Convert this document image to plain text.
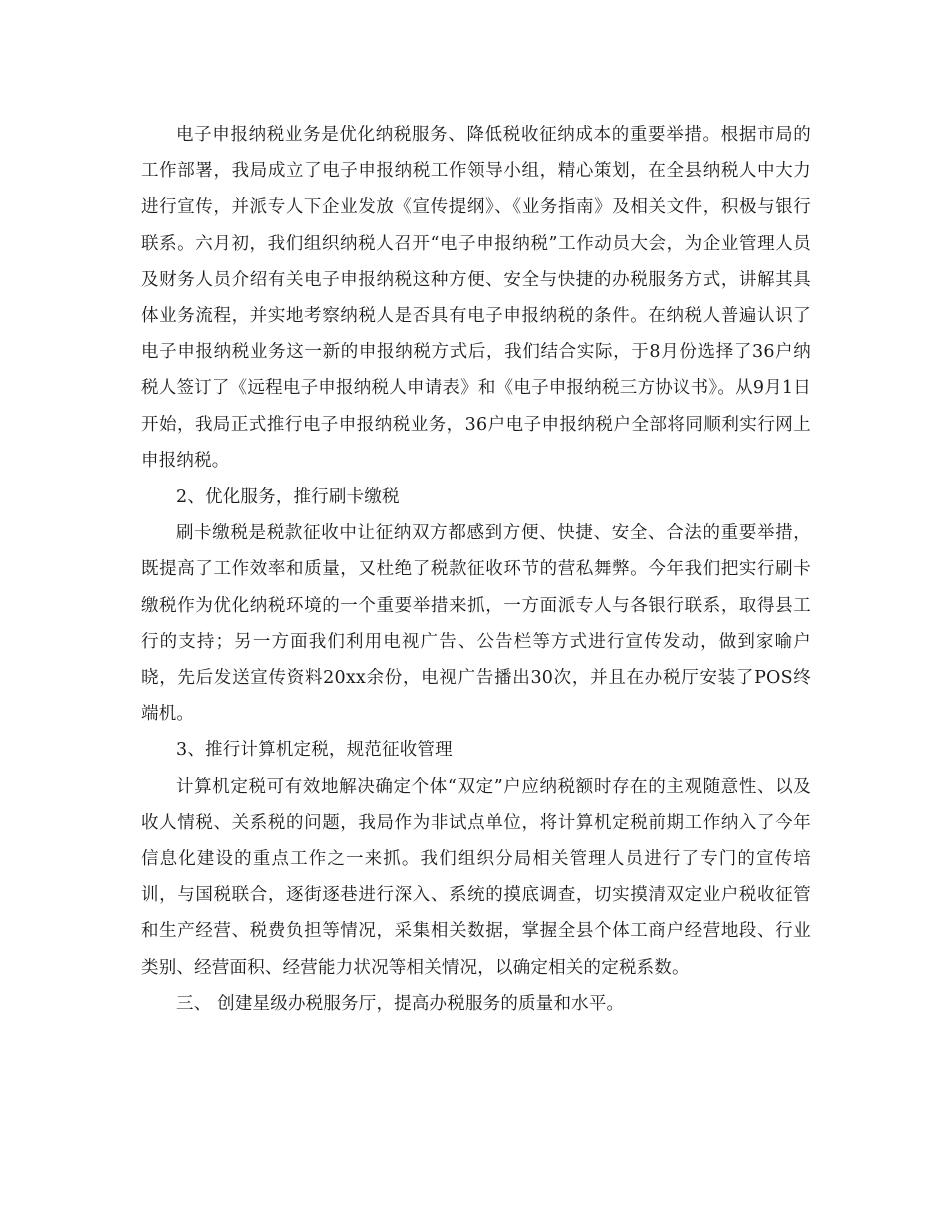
电子申报纳税业务是优化纳税服务、降低税收征纳成本的重要举措。根据市局的工作部署，我局成立了电子申报纳税工作领导小组，精心策划，在全县纳税人中大力进行宣传，并派专人下企业发放《宣传提纲》、《业务指南》及相关文件，积极与银行联系。六月初，我们组织纳税人召开“电子申报纳税”工作动员大会，为企业管理人员及财务人员介绍有关电子申报纳税这种方便、安全与快捷的办税服务方式，讲解其具体业务流程，并实地考察纳税人是否具有电子申报纳税的条件。在纳税人普遍认识了电子申报纳税业务这一新的申报纳税方式后，我们结合实际，于8月份选择了36户纳税人签订了《远程电子申报纳税人申请表》和《电子申报纳税三方协议书》。从9月1日开始，我局正式推行电子申报纳税业务，36户电子申报纳税户全部将同顺利实行网上申报纳税。

2、优化服务，推行刷卡缴税

刷卡缴税是税款征收中让征纳双方都感到方便、快捷、安全、合法的重要举措，既提高了工作效率和质量，又杜绝了税款征收环节的营私舞弊。今年我们把实行刷卡缴税作为优化纳税环境的一个重要举措来抓，一方面派专人与各银行联系，取得县工行的支持；另一方面我们利用电视广告、公告栏等方式进行宣传发动，做到家喻户晓，先后发送宣传资料20xx余份，电视广告播出30次，并且在办税厅安装了POS终端机。

3、推行计算机定税，规范征收管理

计算机定税可有效地解决确定个体“双定”户应纳税额时存在的主观随意性、以及收人情税、关系税的问题，我局作为非试点单位，将计算机定税前期工作纳入了今年信息化建设的重点工作之一来抓。我们组织分局相关管理人员进行了专门的宣传培训，与国税联合，逐街逐巷进行深入、系统的摸底调查，切实摸清双定业户税收征管和生产经营、税费负担等情况，采集相关数据，掌握全县个体工商户经营地段、行业类别、经营面积、经营能力状况等相关情况，以确定相关的定税系数。

三、 创建星级办税服务厅，提高办税服务的质量和水平。
